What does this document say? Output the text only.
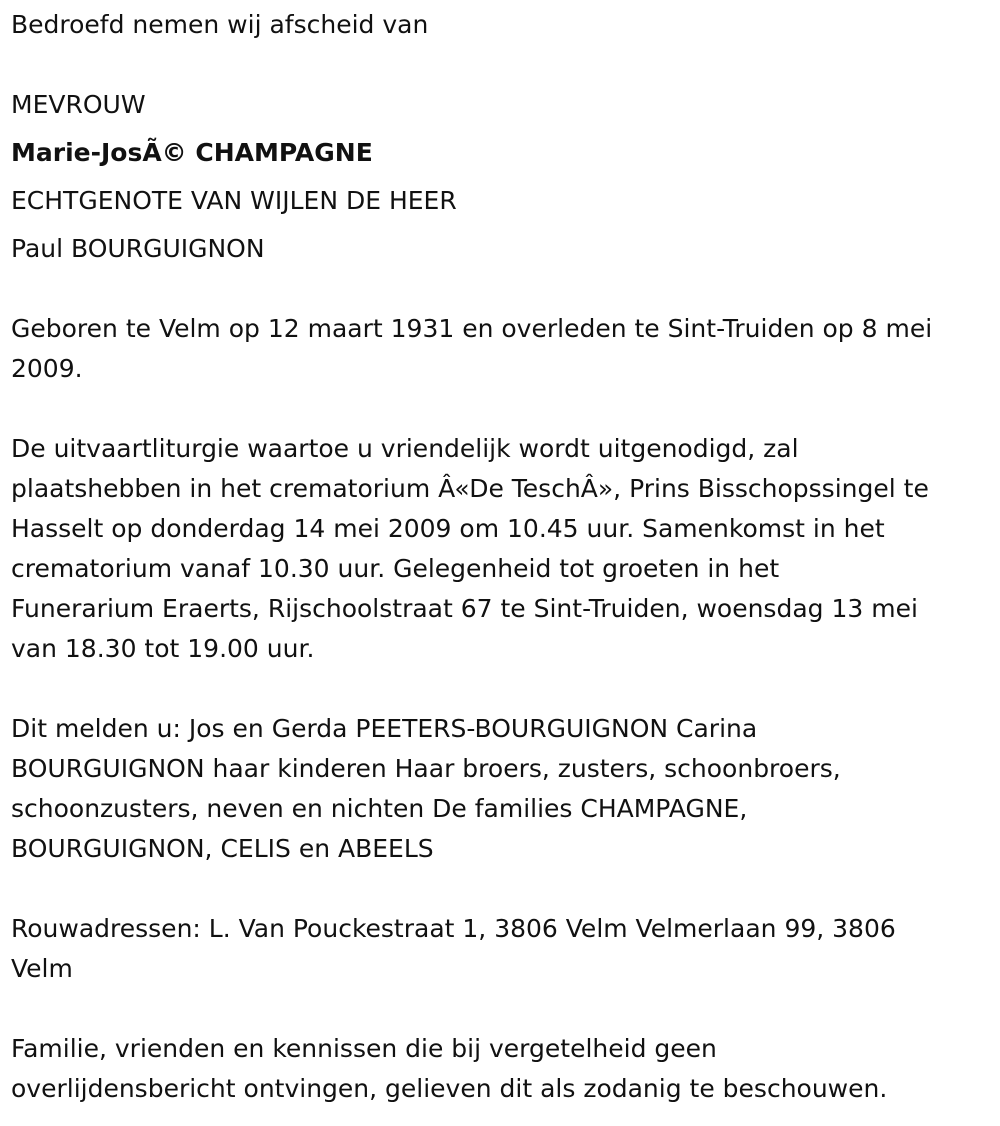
Bedroefd nemen wij afscheid van
MEVROUW
Marie-JosÃ© CHAMPAGNE
ECHTGENOTE VAN WIJLEN DE HEER
Paul BOURGUIGNON
Geboren te Velm op 12 maart 1931 en overleden te Sint-Truiden op 8 mei
2009.
De uitvaartliturgie waartoe u vriendelijk wordt uitgenodigd, zal
plaatshebben in het crematorium Â«De TeschÂ», Prins Bisschopssingel te
Hasselt op donderdag 14 mei 2009 om 10.45 uur. Samenkomst in het
crematorium vanaf 10.30 uur. Gelegenheid tot groeten in het
Funerarium Eraerts, Rijschoolstraat 67 te Sint-Truiden, woensdag 13 mei
van 18.30 tot 19.00 uur.
Dit melden u: Jos en Gerda PEETERS-BOURGUIGNON Carina
BOURGUIGNON haar kinderen Haar broers, zusters, schoonbroers,
schoonzusters, neven en nichten De families CHAMPAGNE,
BOURGUIGNON, CELIS en ABEELS
Rouwadressen: L. Van Pouckestraat 1, 3806 Velm Velmerlaan 99, 3806
Velm
Familie, vrienden en kennissen die bij vergetelheid geen
overlijdensbericht ontvingen, gelieven dit als zodanig te beschouwen.
